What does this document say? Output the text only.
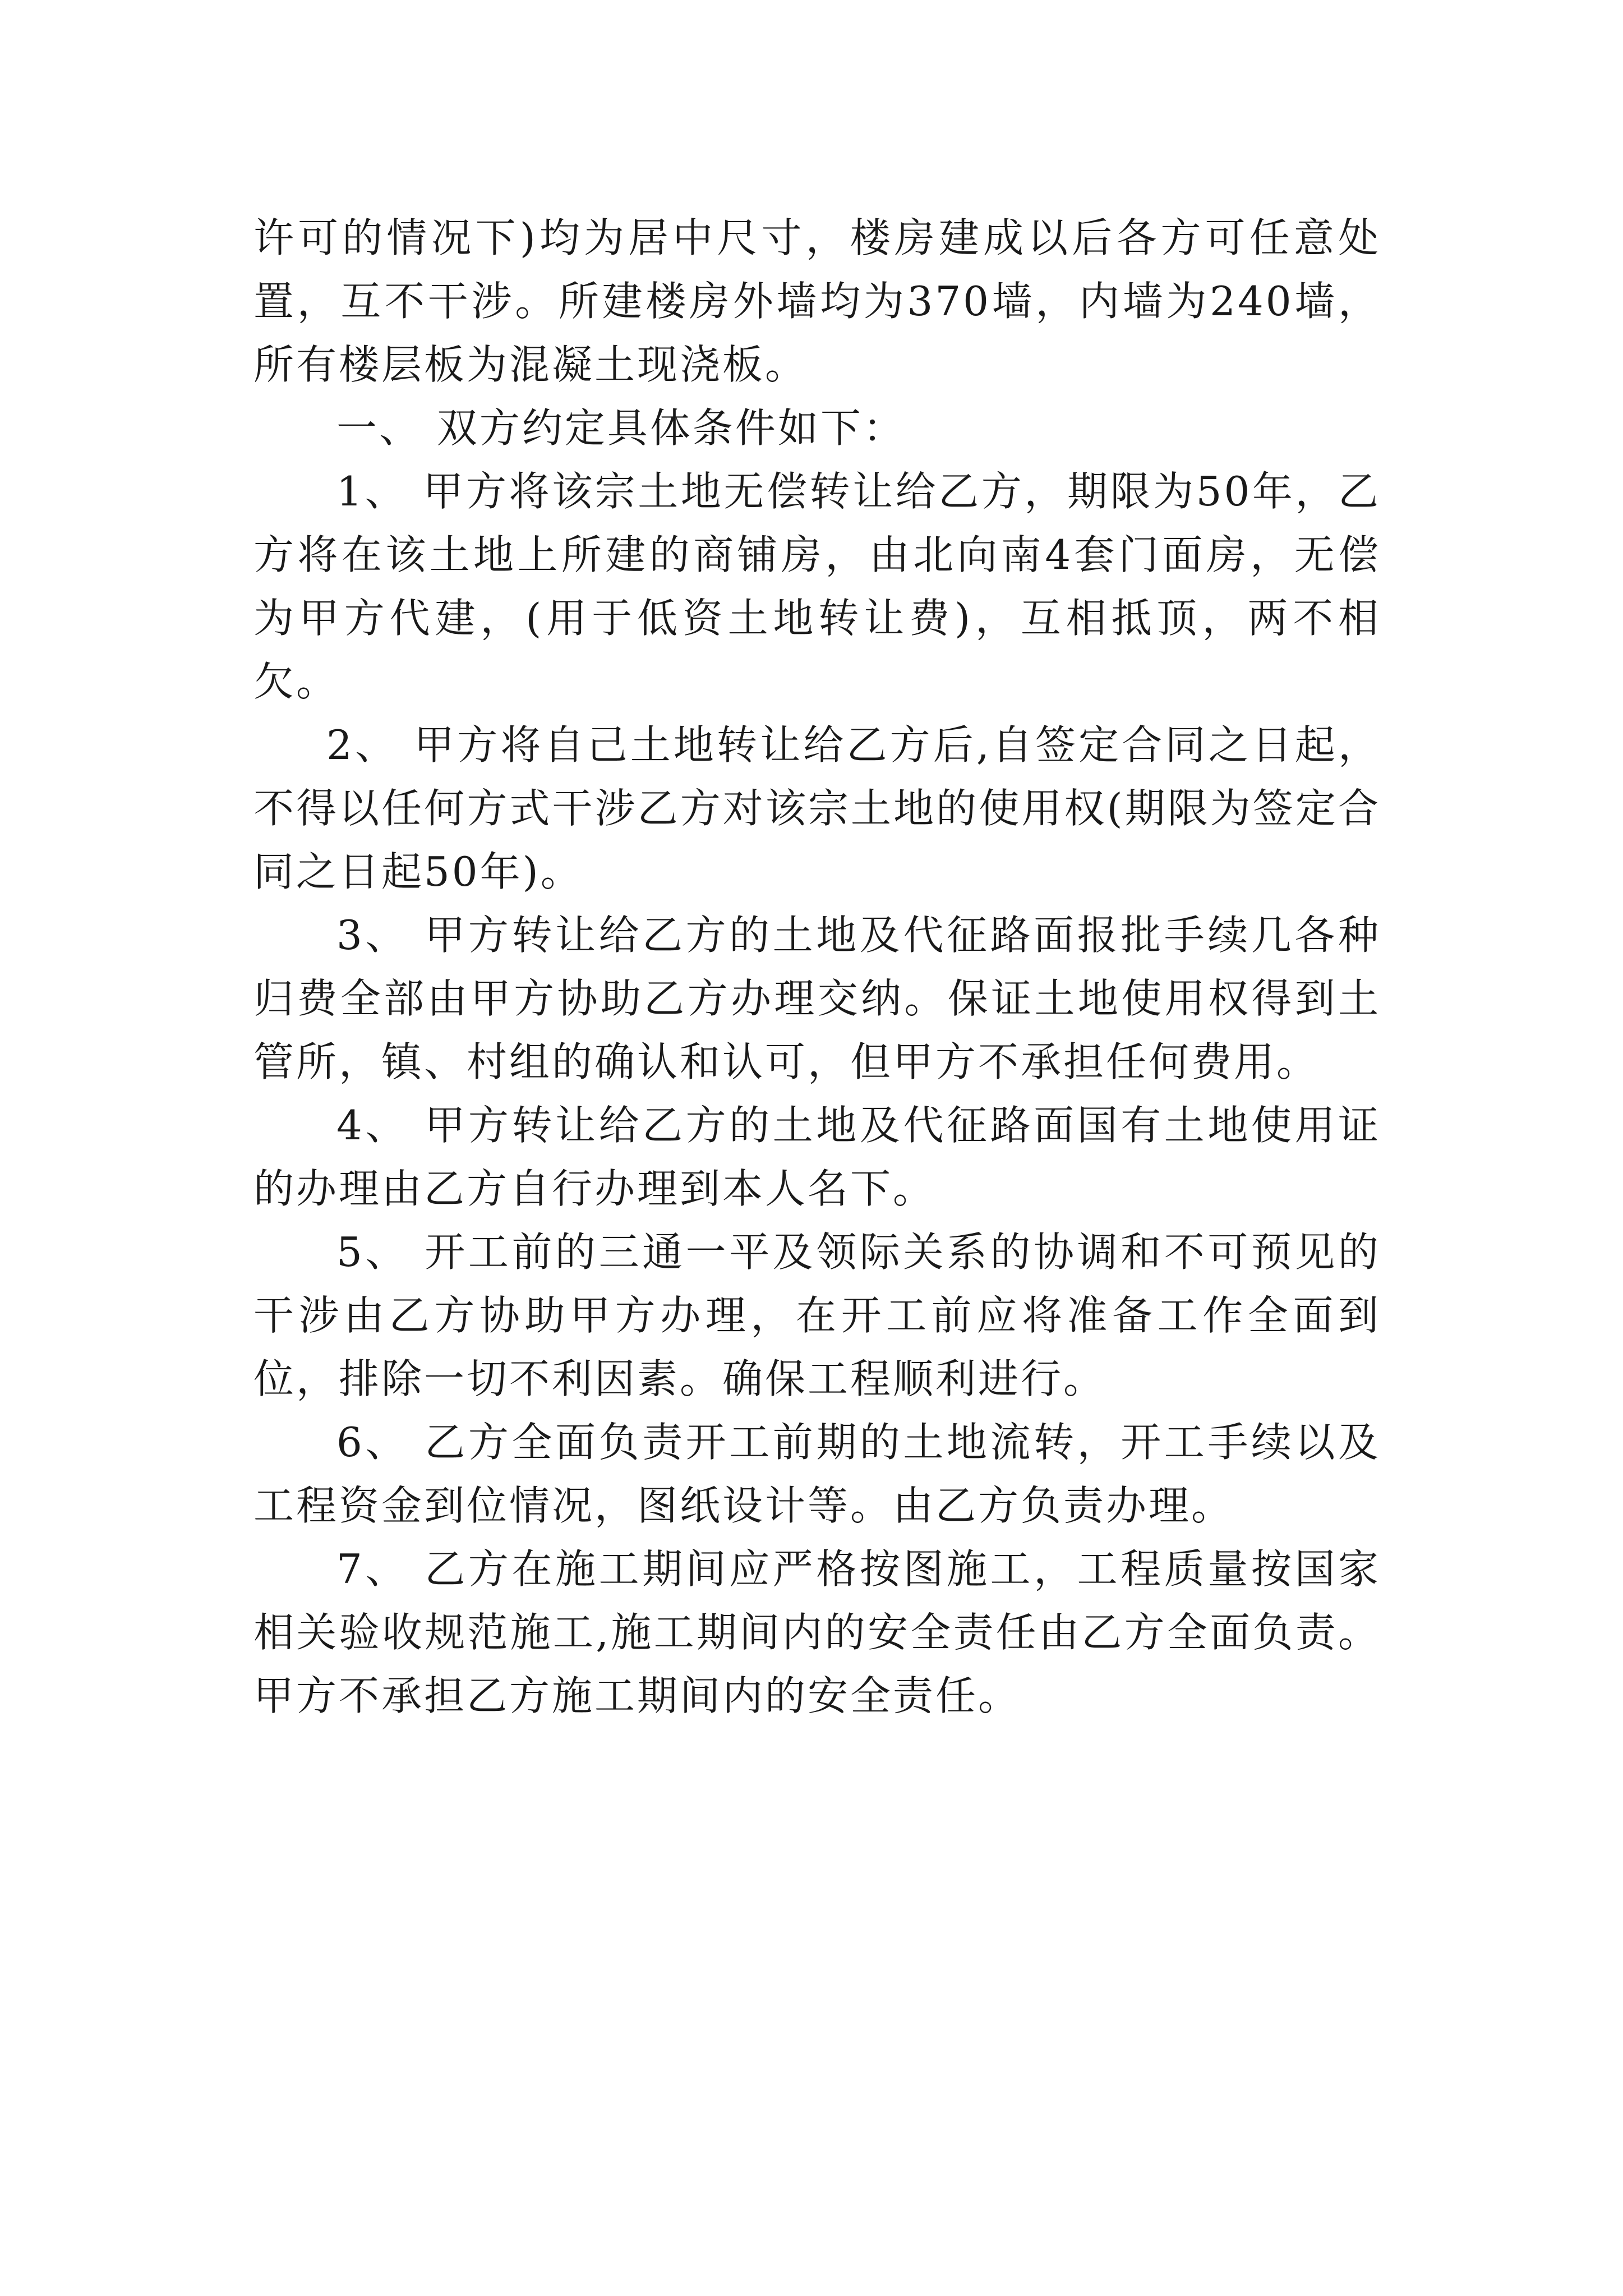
许可的情况下)均为居中尺寸，楼房建成以后各方可任意处置，互不干涉。所建楼房外墙均为370墙，内墙为240墙，所有楼层板为混凝土现浇板。

一、 双方约定具体条件如下：

1、 甲方将该宗土地无偿转让给乙方，期限为50年，乙方将在该土地上所建的商铺房，由北向南4套门面房，无偿为甲方代建，(用于低资土地转让费)，互相抵顶，两不相欠。

2、 甲方将自己土地转让给乙方后,自签定合同之日起，不得以任何方式干涉乙方对该宗土地的使用权(期限为签定合同之日起50年)。

3、 甲方转让给乙方的土地及代征路面报批手续几各种归费全部由甲方协助乙方办理交纳。保证土地使用权得到土管所，镇、村组的确认和认可，但甲方不承担任何费用。

4、 甲方转让给乙方的土地及代征路面国有土地使用证的办理由乙方自行办理到本人名下。

5、 开工前的三通一平及领际关系的协调和不可预见的干涉由乙方协助甲方办理，在开工前应将准备工作全面到位，排除一切不利因素。确保工程顺利进行。

6、 乙方全面负责开工前期的土地流转，开工手续以及工程资金到位情况，图纸设计等。由乙方负责办理。

7、 乙方在施工期间应严格按图施工，工程质量按国家相关验收规范施工,施工期间内的安全责任由乙方全面负责。甲方不承担乙方施工期间内的安全责任。
